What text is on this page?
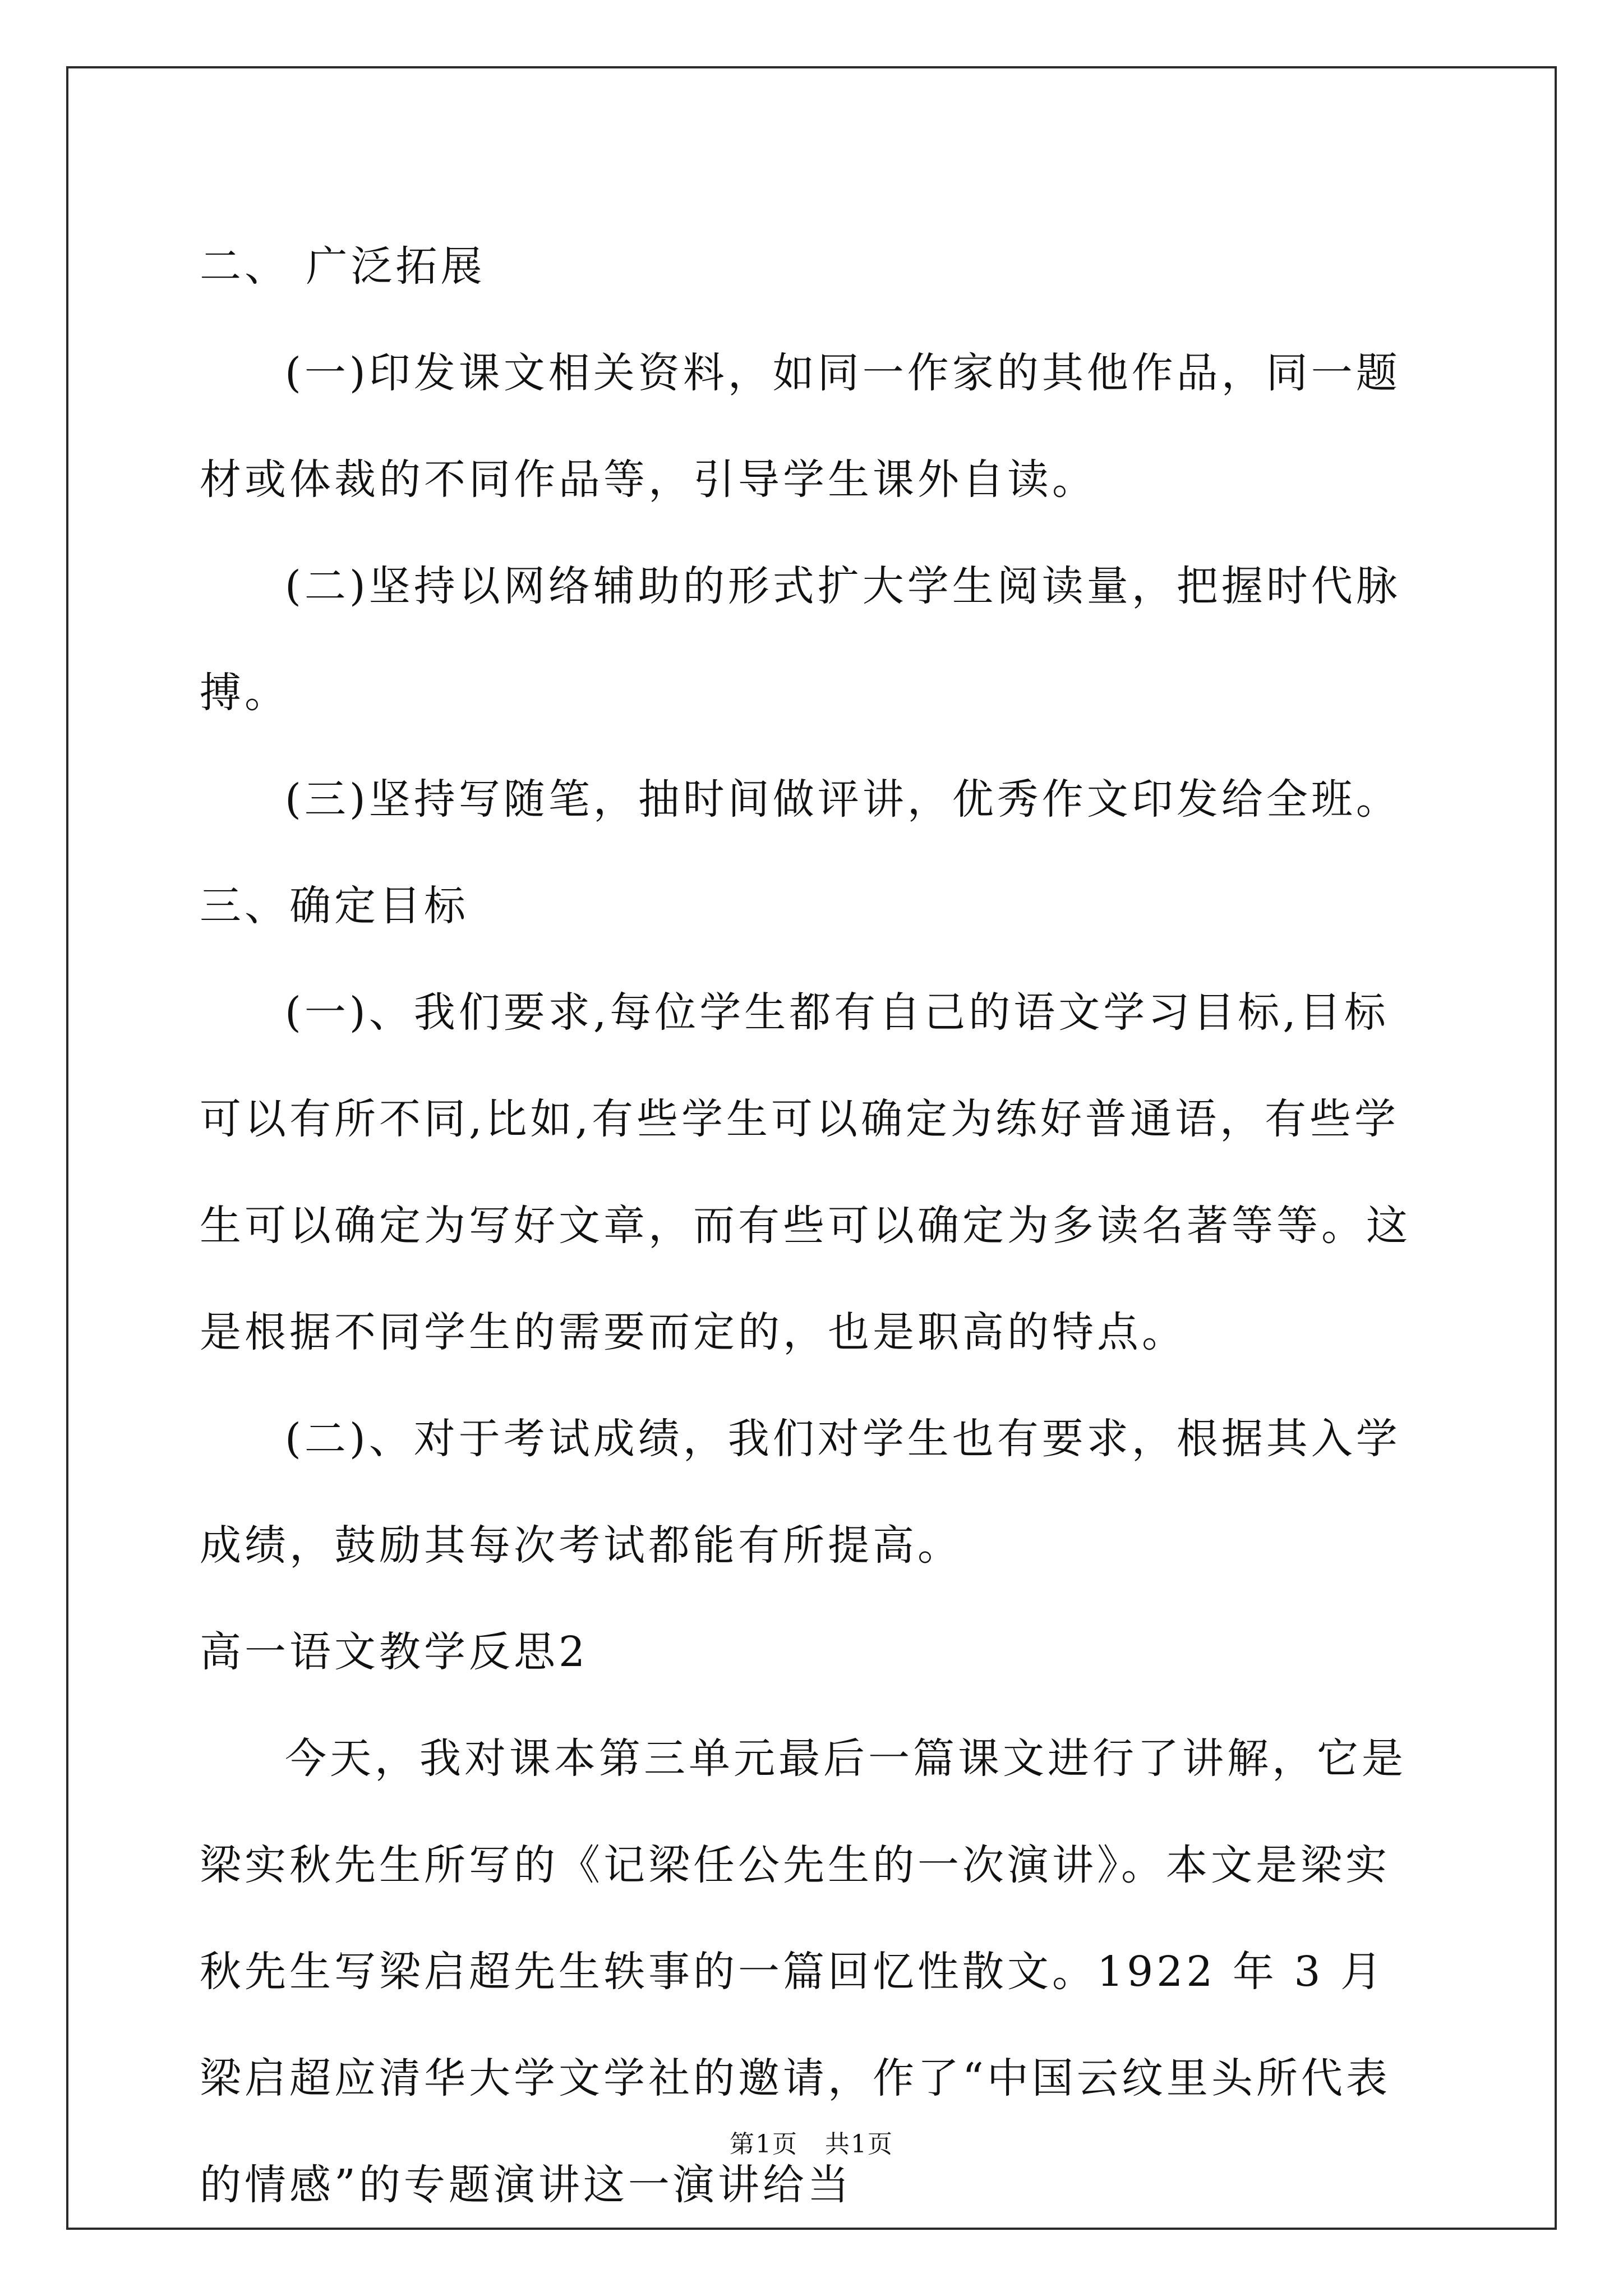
二、 广泛拓展

(一)印发课文相关资料，如同一作家的其他作品，同一题材或体裁的不同作品等，引导学生课外自读。

(二)坚持以网络辅助的形式扩大学生阅读量，把握时代脉搏。

(三)坚持写随笔，抽时间做评讲，优秀作文印发给全班。

三、确定目标

(一)、我们要求,每位学生都有自己的语文学习目标,目标可以有所不同,比如,有些学生可以确定为练好普通语，有些学生可以确定为写好文章，而有些可以确定为多读名著等等。这是根据不同学生的需要而定的，也是职高的特点。

(二)、对于考试成绩，我们对学生也有要求，根据其入学成绩，鼓励其每次考试都能有所提高。

高一语文教学反思2

今天，我对课本第三单元最后一篇课文进行了讲解，它是梁实秋先生所写的《记梁任公先生的一次演讲》。本文是梁实秋先生写梁启超先生轶事的一篇回忆性散文。1922 年 3 月梁启超应清华大学文学社的邀请，作了“中国云纹里头所代表的情感”的专题演讲这一演讲给当

第1页   共1页
